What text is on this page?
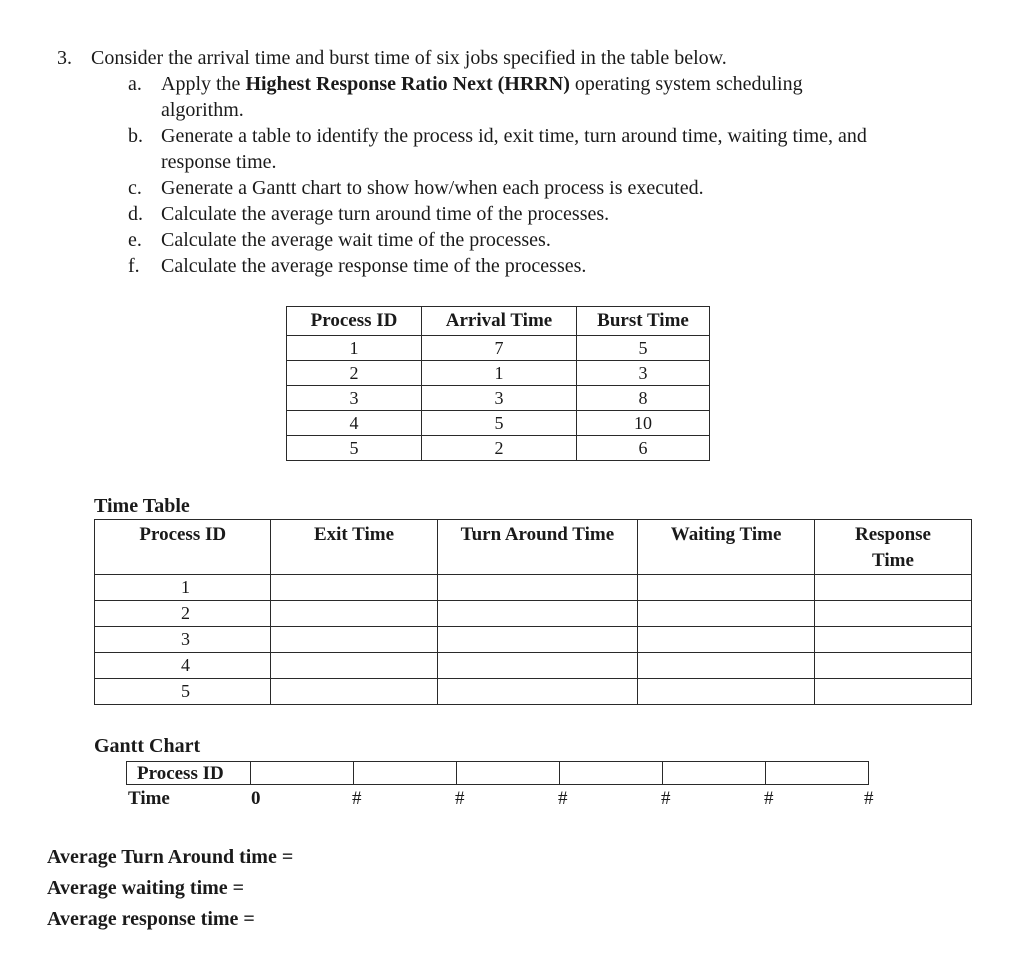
3. Consider the arrival time and burst time of six jobs specified in the table below.
a. Apply the Highest Response Ratio Next (HRRN) operating system scheduling
algorithm.
b. Generate a table to identify the process id, exit time, turn around time, waiting time, and
response time.
c. Generate a Gantt chart to show how/when each process is executed.
d. Calculate the average turn around time of the processes.
e. Calculate the average wait time of the processes.
f. Calculate the average response time of the processes.
Process ID	Arrival Time	Burst Time
1	7	5
2	1	3
3	3	8
4	5	10
5	2	6
Time Table
Process ID	Exit Time	Turn Around Time	Waiting Time	Response Time
1				
2				
3				
4				
5				
Gantt Chart
Process ID
Time	0	#	#	#	#	#	#
Average Turn Around time =
Average waiting time =
Average response time =
